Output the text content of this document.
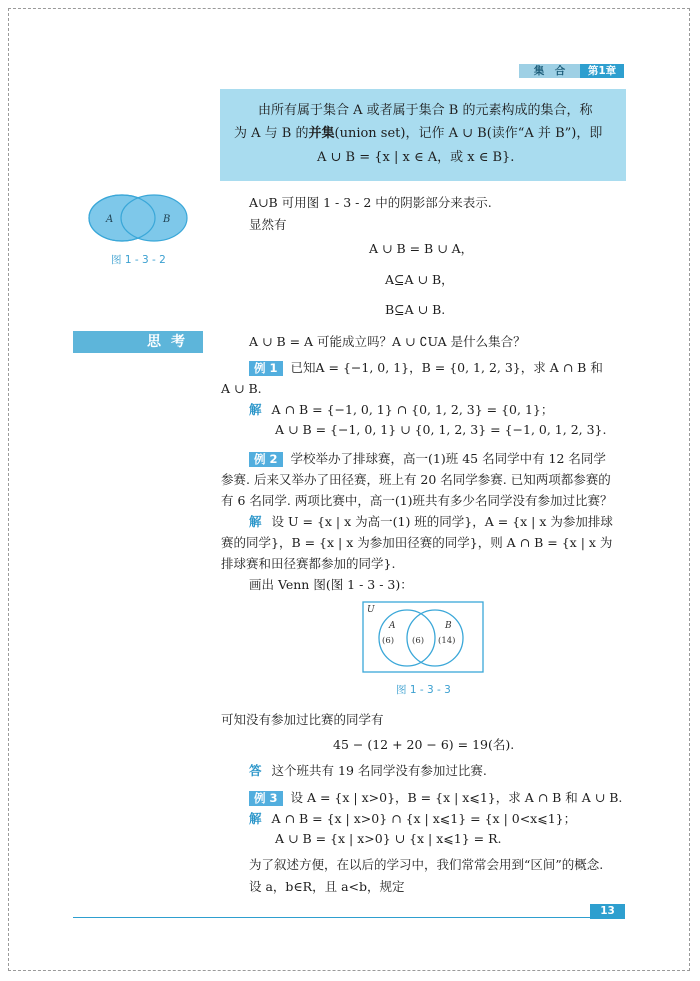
集　合	第1章
由所有属于集合 A 或者属于集合 B 的元素构成的集合，称
为 A 与 B 的并集(union set)，记作 A ∪ B(读作“A 并 B”)，即
A ∪ B = {x | x ∈ A，或 x ∈ B}.
A	B
图 1 - 3 - 2
A∪B 可用图 1 - 3 - 2 中的阴影部分来表示.
显然有
A ∪ B = B ∪ A，
A⊆A ∪ B，
B⊆A ∪ B.
思考	A ∪ B = A 可能成立吗？A ∪ ∁UA 是什么集合？
例 1 已知A = {−1, 0, 1}，B = {0, 1, 2, 3}，求 A ∩ B 和
A ∪ B.
解 A ∩ B = {−1, 0, 1} ∩ {0, 1, 2, 3} = {0, 1}；
A ∪ B = {−1, 0, 1} ∪ {0, 1, 2, 3} = {−1, 0, 1, 2, 3}.
例 2 学校举办了排球赛，高一(1)班 45 名同学中有 12 名同学
参赛. 后来又举办了田径赛，班上有 20 名同学参赛. 已知两项都参赛的
有 6 名同学. 两项比赛中，高一(1)班共有多少名同学没有参加过比赛？
解 设 U = {x | x 为高一(1) 班的同学}，A = {x | x 为参加排球
赛的同学}，B = {x | x 为参加田径赛的同学}，则 A ∩ B = {x | x 为
排球赛和田径赛都参加的同学}.
画出 Venn 图(图 1 - 3 - 3)：
U
A	B
(6) (6) (14)
图 1 - 3 - 3
可知没有参加过比赛的同学有
45 − (12 + 20 − 6) = 19(名).
答 这个班共有 19 名同学没有参加过比赛.
例 3 设 A = {x | x>0}，B = {x | x⩽1}，求 A ∩ B 和 A ∪ B.
解 A ∩ B = {x | x>0} ∩ {x | x⩽1} = {x | 0<x⩽1}；
A ∪ B = {x | x>0} ∪ {x | x⩽1} = R.
为了叙述方便，在以后的学习中，我们常常会用到“区间”的概念.
设 a，b∈R，且 a<b，规定
13
